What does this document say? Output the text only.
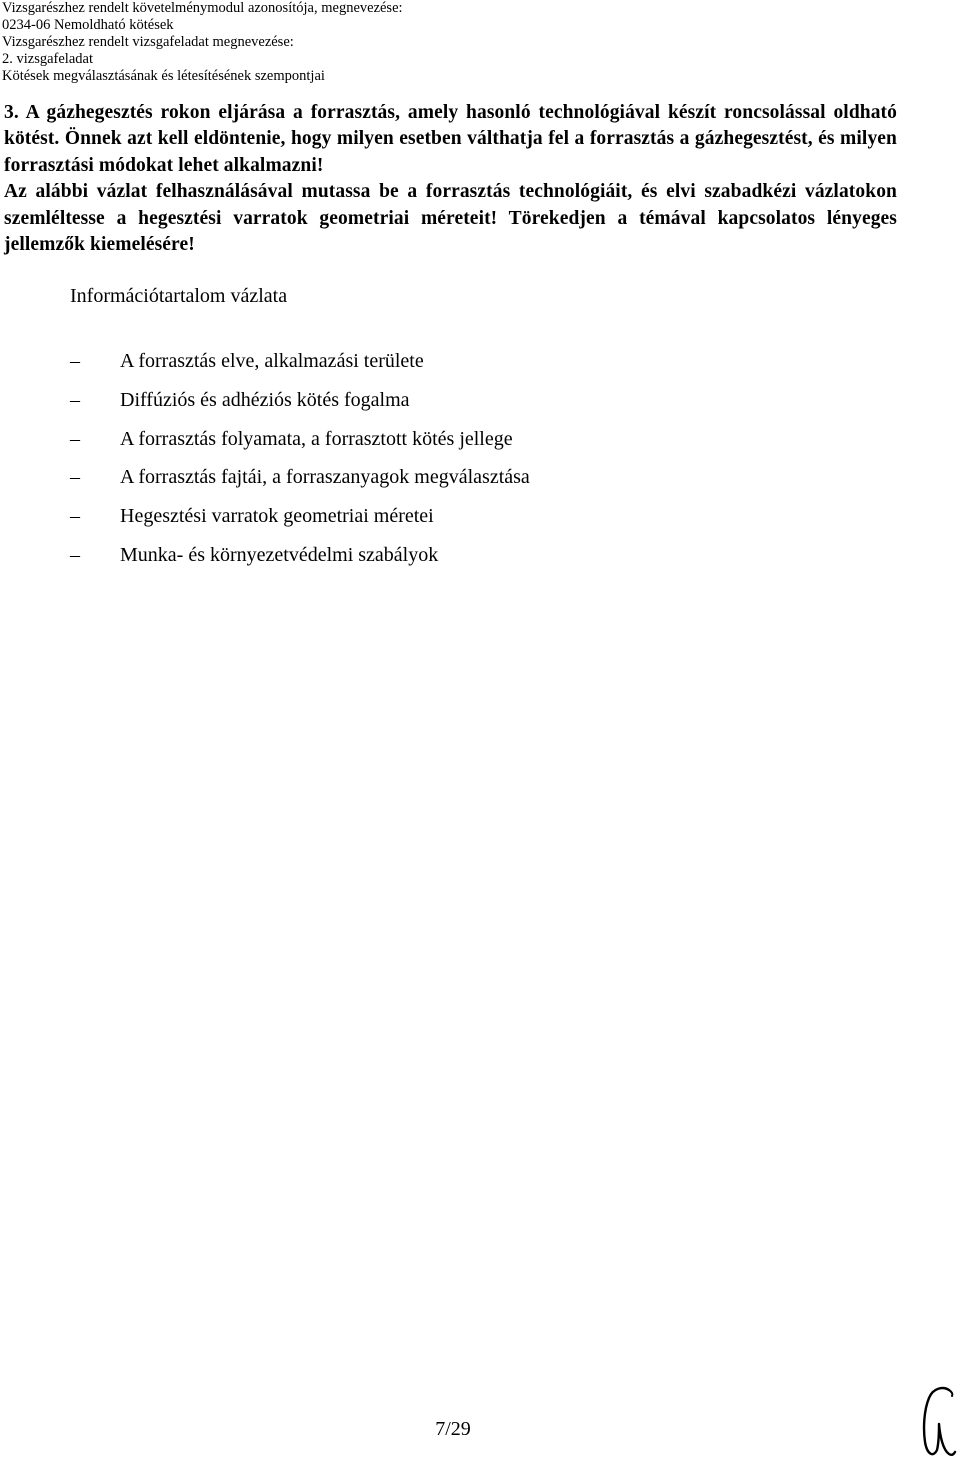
Vizsgarészhez rendelt követelménymodul azonosítója, megnevezése:
0234-06 Nemoldható kötések
Vizsgarészhez rendelt vizsgafeladat megnevezése:
2. vizsgafeladat
Kötések megválasztásának és létesítésének szempontjai

3. A gázhegesztés rokon eljárása a forrasztás, amely hasonló technológiával készít roncsolással oldható kötést. Önnek azt kell eldöntenie, hogy milyen esetben válthatja fel a forrasztás a gázhegesztést, és milyen forrasztási módokat lehet alkalmazni!

Az alábbi vázlat felhasználásával mutassa be a forrasztás technológiáit, és elvi szabadkézi vázlatokon szemléltesse a hegesztési varratok geometriai méreteit! Törekedjen a témával kapcsolatos lényeges jellemzők kiemelésére!

Információtartalom vázlata
–	A forrasztás elve, alkalmazási területe
–	Diffúziós és adhéziós kötés fogalma
–	A forrasztás folyamata, a forrasztott kötés jellege
–	A forrasztás fajtái, a forraszanyagok megválasztása
–	Hegesztési varratok geometriai méretei
–	Munka- és környezetvédelmi szabályok
7/29
